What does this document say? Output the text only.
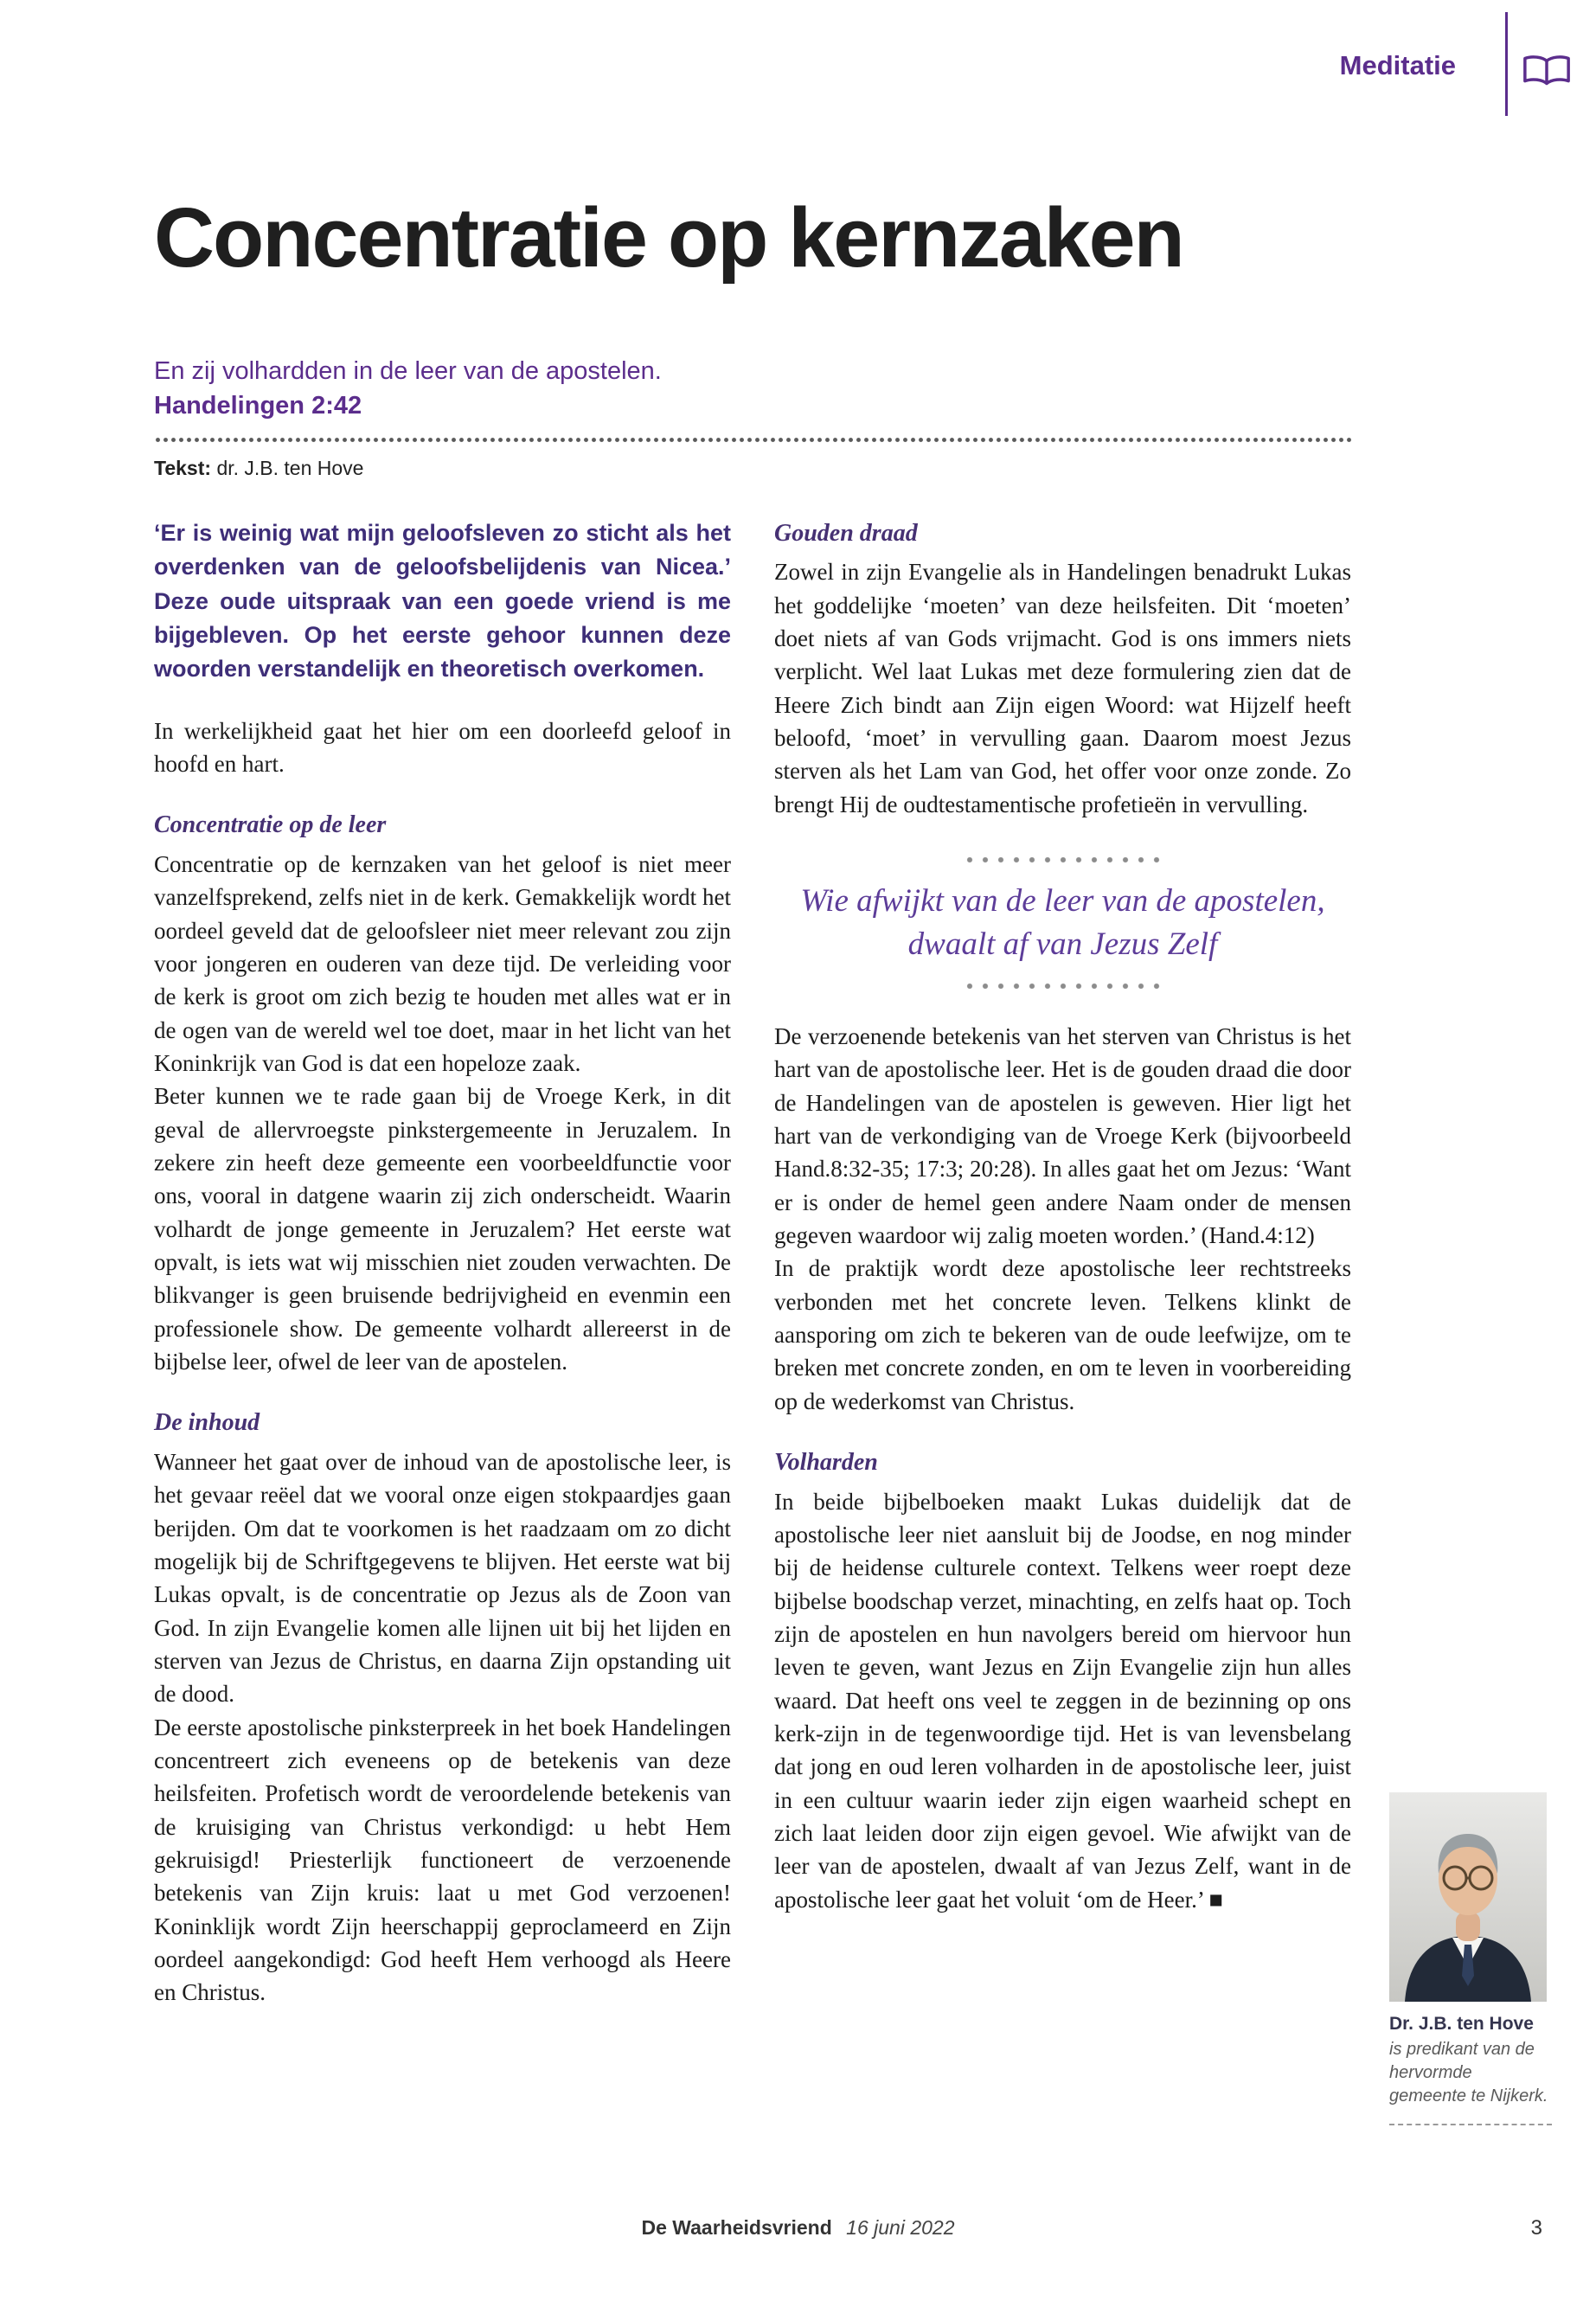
Meditatie
Concentratie op kernzaken
En zij volhardden in de leer van de apostelen.
Handelingen 2:42
Tekst: dr. J.B. ten Hove

‘Er is weinig wat mijn geloofsleven zo sticht als het overdenken van de geloofsbelijdenis van Nicea.’ Deze oude uitspraak van een goede vriend is me bijgebleven. Op het eerste gehoor kunnen deze woorden verstandelijk en theoretisch overkomen.

In werkelijkheid gaat het hier om een doorleefd geloof in hoofd en hart.

Concentratie op de leer

Concentratie op de kernzaken van het geloof is niet meer vanzelfsprekend, zelfs niet in de kerk. Gemakkelijk wordt het oordeel geveld dat de geloofsleer niet meer relevant zou zijn voor jongeren en ouderen van deze tijd. De verleiding voor de kerk is groot om zich bezig te houden met alles wat er in de ogen van de wereld wel toe doet, maar in het licht van het Koninkrijk van God is dat een hopeloze zaak.

Beter kunnen we te rade gaan bij de Vroege Kerk, in dit geval de allervroegste pinkstergemeente in Jeruzalem. In zekere zin heeft deze gemeente een voorbeeldfunctie voor ons, vooral in datgene waarin zij zich onderscheidt. Waarin volhardt de jonge gemeente in Jeruzalem? Het eerste wat opvalt, is iets wat wij misschien niet zouden verwachten. De blikvanger is geen bruisende bedrijvigheid en evenmin een professionele show. De gemeente volhardt allereerst in de bijbelse leer, ofwel de leer van de apostelen.

De inhoud

Wanneer het gaat over de inhoud van de apostolische leer, is het gevaar reëel dat we vooral onze eigen stokpaardjes gaan berijden. Om dat te voorkomen is het raadzaam om zo dicht mogelijk bij de Schriftgegevens te blijven. Het eerste wat bij Lukas opvalt, is de concentratie op Jezus als de Zoon van God. In zijn Evangelie komen alle lijnen uit bij het lijden en sterven van Jezus de Christus, en daarna Zijn opstanding uit de dood.

De eerste apostolische pinksterpreek in het boek Handelingen concentreert zich eveneens op de betekenis van deze heilsfeiten. Profetisch wordt de veroordelende betekenis van de kruisiging van Christus verkondigd: u hebt Hem gekruisigd! Priesterlijk functioneert de verzoenende betekenis van Zijn kruis: laat u met God verzoenen! Koninklijk wordt Zijn heerschappij geproclameerd en Zijn oordeel aangekondigd: God heeft Hem verhoogd als Heere en Christus.

Gouden draad

Zowel in zijn Evangelie als in Handelingen benadrukt Lukas het goddelijke ‘moeten’ van deze heilsfeiten. Dit ‘moeten’ doet niets af van Gods vrijmacht. God is ons immers niets verplicht. Wel laat Lukas met deze formulering zien dat de Heere Zich bindt aan Zijn eigen Woord: wat Hijzelf heeft beloofd, ‘moet’ in vervulling gaan. Daarom moest Jezus sterven als het Lam van God, het offer voor onze zonde. Zo brengt Hij de oudtestamentische profetieën in vervulling.

Wie afwijkt van de leer van de apostelen, dwaalt af van Jezus Zelf

De verzoenende betekenis van het sterven van Christus is het hart van de apostolische leer. Het is de gouden draad die door de Handelingen van de apostelen is geweven. Hier ligt het hart van de verkondiging van de Vroege Kerk (bijvoorbeeld Hand.8:32-35; 17:3; 20:28). In alles gaat het om Jezus: ‘Want er is onder de hemel geen andere Naam onder de mensen gegeven waardoor wij zalig moeten worden.’ (Hand.4:12)

In de praktijk wordt deze apostolische leer rechtstreeks verbonden met het concrete leven. Telkens klinkt de aansporing om zich te bekeren van de oude leefwijze, om te breken met concrete zonden, en om te leven in voorbereiding op de wederkomst van Christus.

Volharden

In beide bijbelboeken maakt Lukas duidelijk dat de apostolische leer niet aansluit bij de Joodse, en nog minder bij de heidense culturele context. Telkens weer roept deze bijbelse boodschap verzet, minachting, en zelfs haat op. Toch zijn de apostelen en hun navolgers bereid om hiervoor hun leven te geven, want Jezus en Zijn Evangelie zijn hun alles waard. Dat heeft ons veel te zeggen in de bezinning op ons kerk-zijn in de tegenwoordige tijd. Het is van levensbelang dat jong en oud leren volharden in de apostolische leer, juist in een cultuur waarin ieder zijn eigen waarheid schept en zich laat leiden door zijn eigen gevoel. Wie afwijkt van de leer van de apostelen, dwaalt af van Jezus Zelf, want in de apostolische leer gaat het voluit ‘om de Heer.’ ■

Dr. J.B. ten Hove
is predikant van de hervormde gemeente te Nijkerk.
De Waarheidsvriend 16 juni 2022	3
